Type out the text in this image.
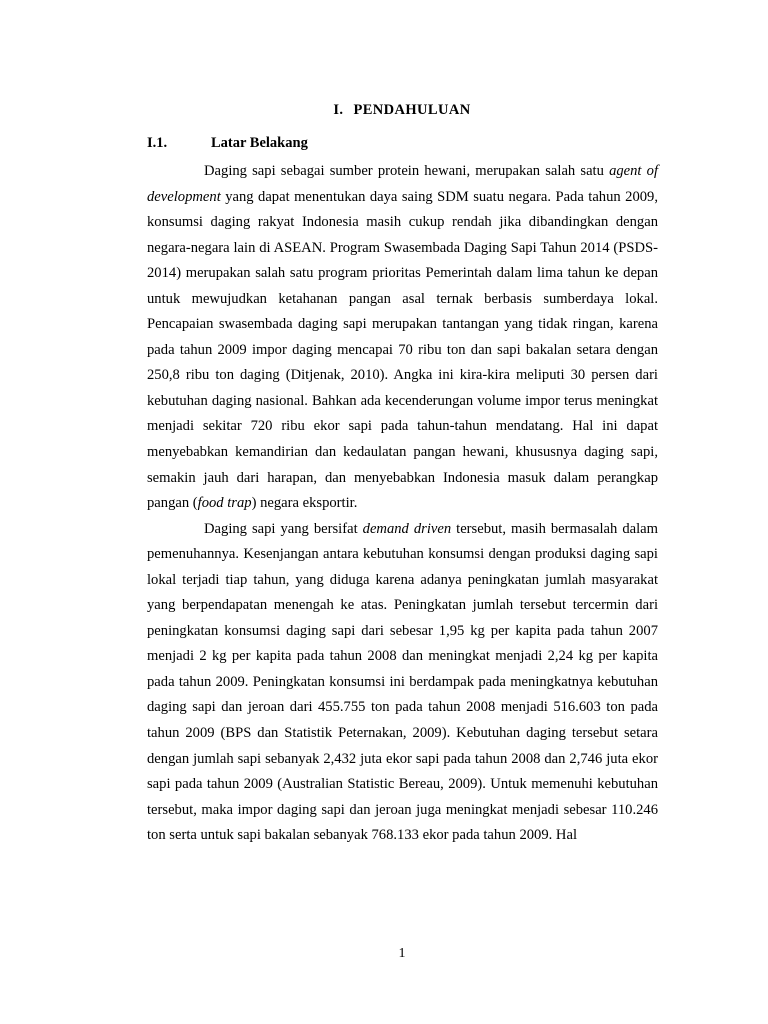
I. PENDAHULUAN
I.1.	Latar Belakang

Daging sapi sebagai sumber protein hewani, merupakan salah satu agent of development yang dapat menentukan daya saing SDM suatu negara. Pada tahun 2009, konsumsi daging rakyat Indonesia masih cukup rendah jika dibandingkan dengan negara-negara lain di ASEAN. Program Swasembada Daging Sapi Tahun 2014 (PSDS-2014) merupakan salah satu program prioritas Pemerintah dalam lima tahun ke depan untuk mewujudkan ketahanan pangan asal ternak berbasis sumberdaya lokal. Pencapaian swasembada daging sapi merupakan tantangan yang tidak ringan, karena pada tahun 2009 impor daging mencapai 70 ribu ton dan sapi bakalan setara dengan 250,8 ribu ton daging (Ditjenak, 2010). Angka ini kira-kira meliputi 30 persen dari kebutuhan daging nasional. Bahkan ada kecenderungan volume impor terus meningkat menjadi sekitar 720 ribu ekor sapi pada tahun-tahun mendatang. Hal ini dapat menyebabkan kemandirian dan kedaulatan pangan hewani, khususnya daging sapi, semakin jauh dari harapan, dan menyebabkan Indonesia masuk dalam perangkap pangan (food trap) negara eksportir.

Daging sapi yang bersifat demand driven tersebut, masih bermasalah dalam pemenuhannya. Kesenjangan antara kebutuhan konsumsi dengan produksi daging sapi lokal terjadi tiap tahun, yang diduga karena adanya peningkatan jumlah masyarakat yang berpendapatan menengah ke atas. Peningkatan jumlah tersebut tercermin dari peningkatan konsumsi daging sapi dari sebesar 1,95 kg per kapita pada tahun 2007 menjadi 2 kg per kapita pada tahun 2008 dan meningkat menjadi 2,24 kg per kapita pada tahun 2009. Peningkatan konsumsi ini berdampak pada meningkatnya kebutuhan daging sapi dan jeroan dari 455.755 ton pada tahun 2008 menjadi 516.603 ton pada tahun 2009 (BPS dan Statistik Peternakan, 2009). Kebutuhan daging tersebut setara dengan jumlah sapi sebanyak 2,432 juta ekor sapi pada tahun 2008 dan 2,746 juta ekor sapi pada tahun 2009 (Australian Statistic Bereau, 2009). Untuk memenuhi kebutuhan tersebut, maka impor daging sapi dan jeroan juga meningkat menjadi sebesar 110.246 ton serta untuk sapi bakalan sebanyak 768.133 ekor pada tahun 2009. Hal

1
